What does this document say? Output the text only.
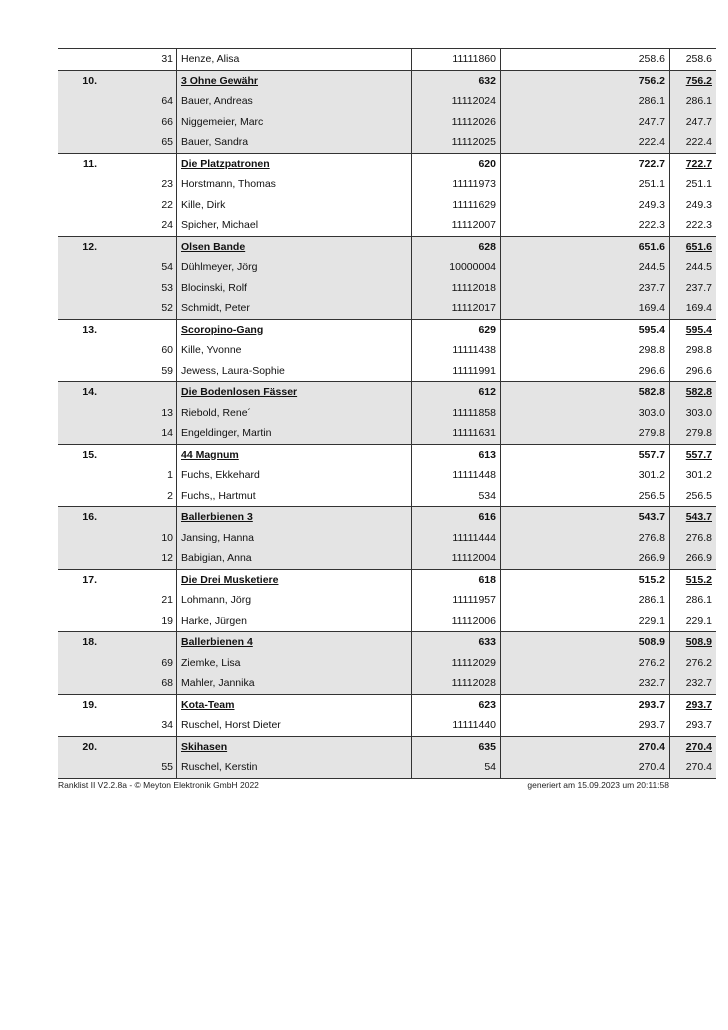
	31	Henze, Alisa	11111860	258.6	258.6
10.		3 Ohne Gewähr	632	756.2	756.2
	64	Bauer, Andreas	11112024	286.1	286.1
	66	Niggemeier, Marc	11112026	247.7	247.7
	65	Bauer, Sandra	11112025	222.4	222.4
11.		Die Platzpatronen	620	722.7	722.7
	23	Horstmann, Thomas	11111973	251.1	251.1
	22	Kille, Dirk	11111629	249.3	249.3
	24	Spicher, Michael	11112007	222.3	222.3
12.		Olsen Bande	628	651.6	651.6
	54	Dühlmeyer, Jörg	10000004	244.5	244.5
	53	Blocinski, Rolf	11112018	237.7	237.7
	52	Schmidt, Peter	11112017	169.4	169.4
13.		Scoropino-Gang	629	595.4	595.4
	60	Kille, Yvonne	11111438	298.8	298.8
	59	Jewess, Laura-Sophie	11111991	296.6	296.6
14.		Die Bodenlosen Fässer	612	582.8	582.8
	13	Riebold, Rene´	11111858	303.0	303.0
	14	Engeldinger, Martin	11111631	279.8	279.8
15.		44 Magnum	613	557.7	557.7
	1	Fuchs, Ekkehard	11111448	301.2	301.2
	2	Fuchs,, Hartmut	534	256.5	256.5
16.		Ballerbienen 3	616	543.7	543.7
	10	Jansing, Hanna	11111444	276.8	276.8
	12	Babigian, Anna	11112004	266.9	266.9
17.		Die Drei Musketiere	618	515.2	515.2
	21	Lohmann, Jörg	11111957	286.1	286.1
	19	Harke, Jürgen	11112006	229.1	229.1
18.		Ballerbienen 4	633	508.9	508.9
	69	Ziemke, Lisa	11112029	276.2	276.2
	68	Mahler, Jannika	11112028	232.7	232.7
19.		Kota-Team	623	293.7	293.7
	34	Ruschel, Horst Dieter	11111440	293.7	293.7
20.		Skihasen	635	270.4	270.4
	55	Ruschel, Kerstin	54	270.4	270.4
Ranklist II V2.2.8a - © Meyton Elektronik GmbH 2022	generiert am 15.09.2023 um 20:11:58
